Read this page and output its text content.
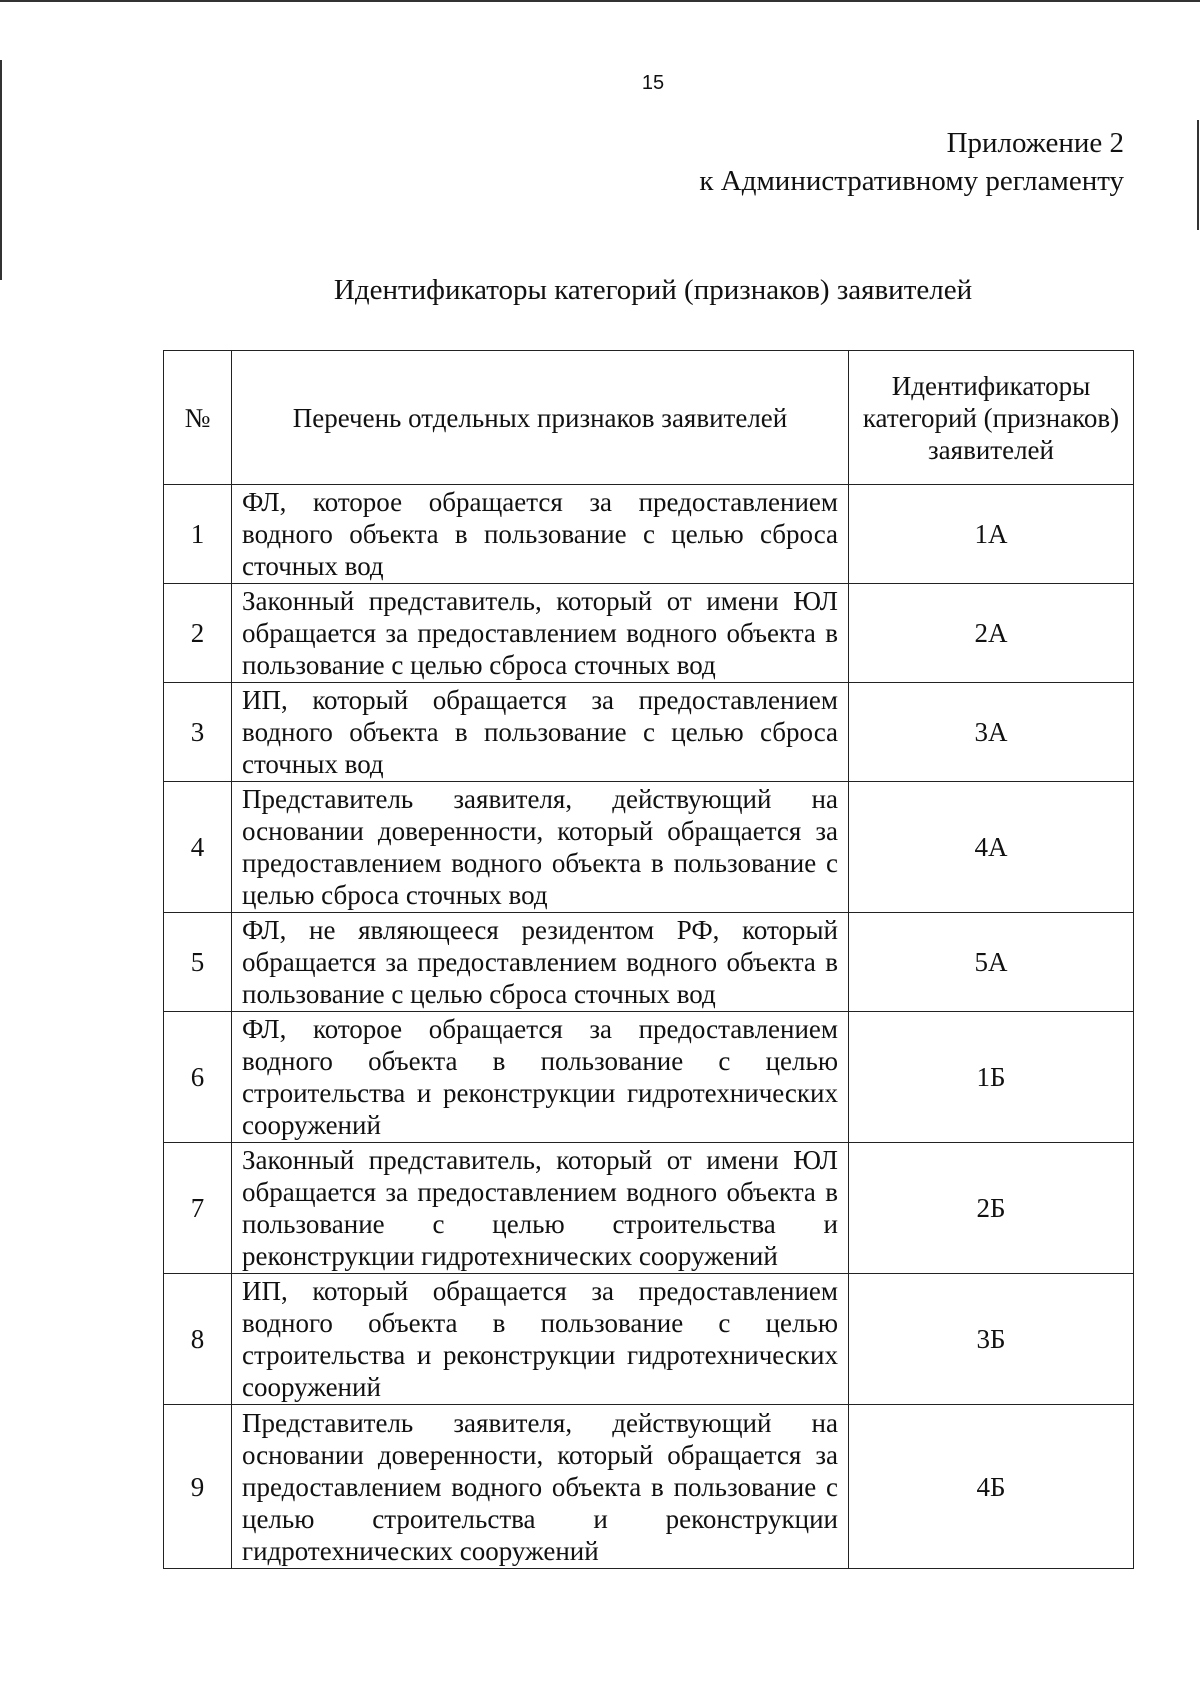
15
Приложение 2
к Административному регламенту
Идентификаторы категорий (признаков) заявителей
№	Перечень отдельных признаков заявителей	Идентификаторы категорий (признаков) заявителей
1	ФЛ, которое обращается за предоставлением водного объекта в пользование с целью сброса сточных вод	1А
2	Законный представитель, который от имени ЮЛ обращается за предоставлением водного объекта в пользование с целью сброса сточных вод	2А
3	ИП, который обращается за предоставлением водного объекта в пользование с целью сброса сточных вод	3А
4	Представитель заявителя, действующий на основании доверенности, который обращается за предоставлением водного объекта в пользование с целью сброса сточных вод	4А
5	ФЛ, не являющееся резидентом РФ, который обращается за предоставлением водного объекта в пользование с целью сброса сточных вод	5А
6	ФЛ, которое обращается за предоставлением водного объекта в пользование с целью строительства и реконструкции гидротехнических сооружений	1Б
7	Законный представитель, который от имени ЮЛ обращается за предоставлением водного объекта в пользование с целью строительства и реконструкции гидротехнических сооружений	2Б
8	ИП, который обращается за предоставлением водного объекта в пользование с целью строительства и реконструкции гидротехнических сооружений	3Б
9	Представитель заявителя, действующий на основании доверенности, который обращается за предоставлением водного объекта в пользование с целью строительства и реконструкции гидротехнических сооружений	4Б
